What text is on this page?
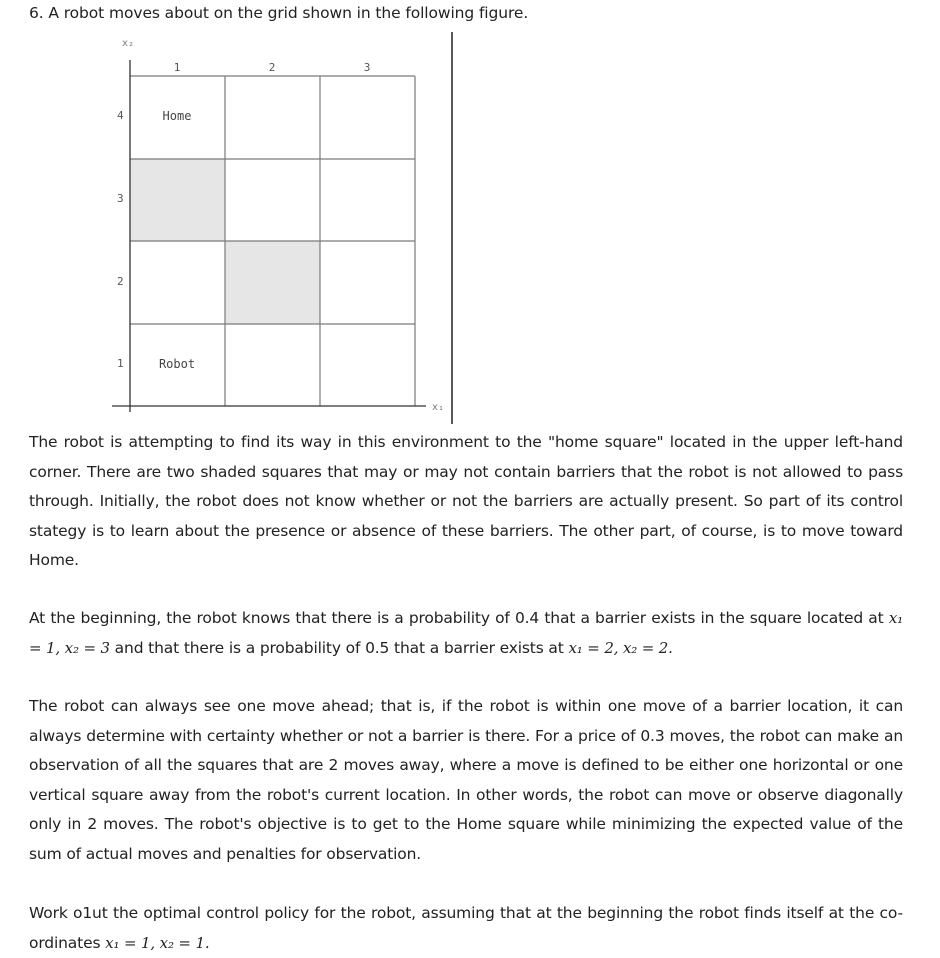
6. A robot moves about on the grid shown in the following figure.
x₂
x₁
1	2	3
4
3
2
1
Home
Robot

The robot is attempting to find its way in this environment to the "home square" located in the upper left-hand corner. There are two shaded squares that may or may not contain barriers that the robot is not allowed to pass through. Initially, the robot does not know whether or not the barriers are actually present. So part of its control stategy is to learn about the presence or absence of these barriers. The other part, of course, is to move toward Home.

At the beginning, the robot knows that there is a probability of 0.4 that a barrier exists in the square located at x₁ = 1, x₂ = 3 and that there is a probability of 0.5 that a barrier exists at x₁ = 2, x₂ = 2.

The robot can always see one move ahead; that is, if the robot is within one move of a barrier location, it can always determine with certainty whether or not a barrier is there. For a price of 0.3 moves, the robot can make an observation of all the squares that are 2 moves away, where a move is defined to be either one horizontal or one vertical square away from the robot's current location. In other words, the robot can move or observe diagonally only in 2 moves. The robot's objective is to get to the Home square while minimizing the expected value of the sum of actual moves and penalties for observation.

Work o1ut the optimal control policy for the robot, assuming that at the beginning the robot finds itself at the co-ordinates x₁ = 1, x₂ = 1.
